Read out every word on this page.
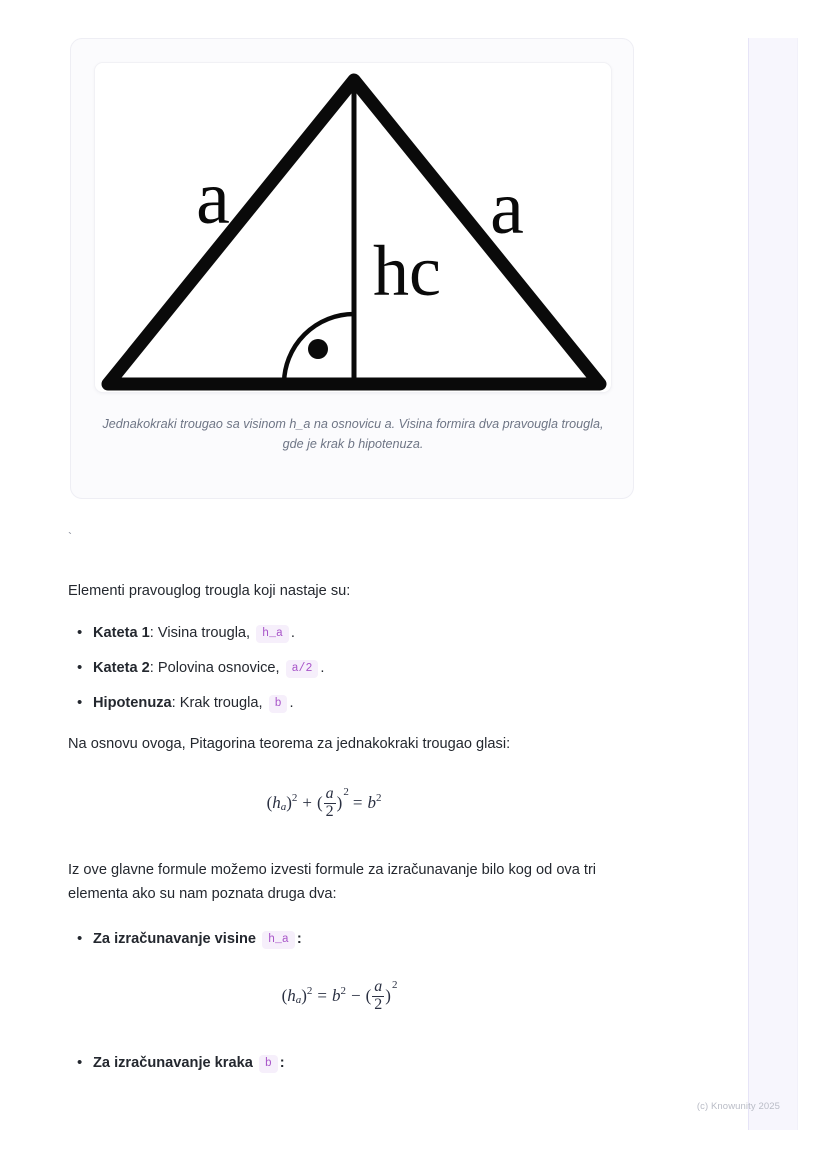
a	a
hc
Jednakokraki trougao sa visinom h_a na osnovicu a. Visina formira dva pravougla trougla, gde je krak b hipotenuza.
`
Elementi pravouglog trougla koji nastaje su:
• Kateta 1: Visina trougla, h_a .
• Kateta 2: Polovina osnovice, a/2 .
• Hipotenuza: Krak trougla, b .
Na osnovu ovoga, Pitagorina teorema za jednakokraki trougao glasi:
( h a ) 2 + ( $\frac{a}{2}$ )
2
= b 2
Iz ove glavne formule možemo izvesti formule za izračunavanje bilo kog od ova tri elementa ako su nam poznata druga dva:
• Za izračunavanje visine h_a :
( h a ) 2 = b 2 − ( $\frac{a}{2}$ )
2
• Za izračunavanje kraka b :
(c) Knowunity 2025
